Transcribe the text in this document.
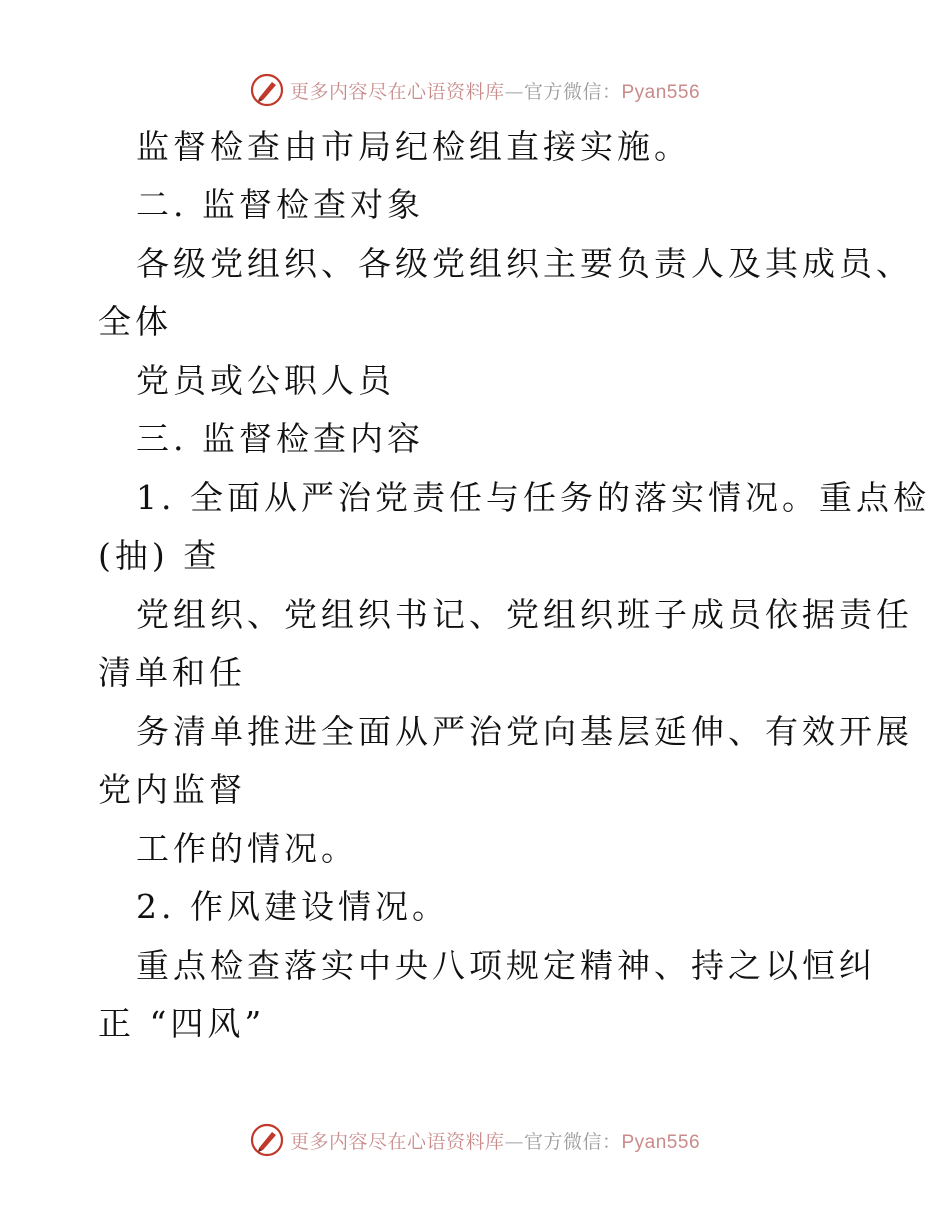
更多内容尽在心语资料库—官方微信：Pyan556
监督检查由市局纪检组直接实施。
二. 监督检查对象
各级党组织、各级党组织主要负责人及其成员、
全体
党员或公职人员
三. 监督检查内容
1. 全面从严治党责任与任务的落实情况。重点检
(抽) 查
党组织、党组织书记、党组织班子成员依据责任
清单和任
务清单推进全面从严治党向基层延伸、有效开展
党内监督
工作的情况。
2. 作风建设情况。
重点检查落实中央八项规定精神、持之以恒纠
正 “四风”
更多内容尽在心语资料库—官方微信：Pyan556
